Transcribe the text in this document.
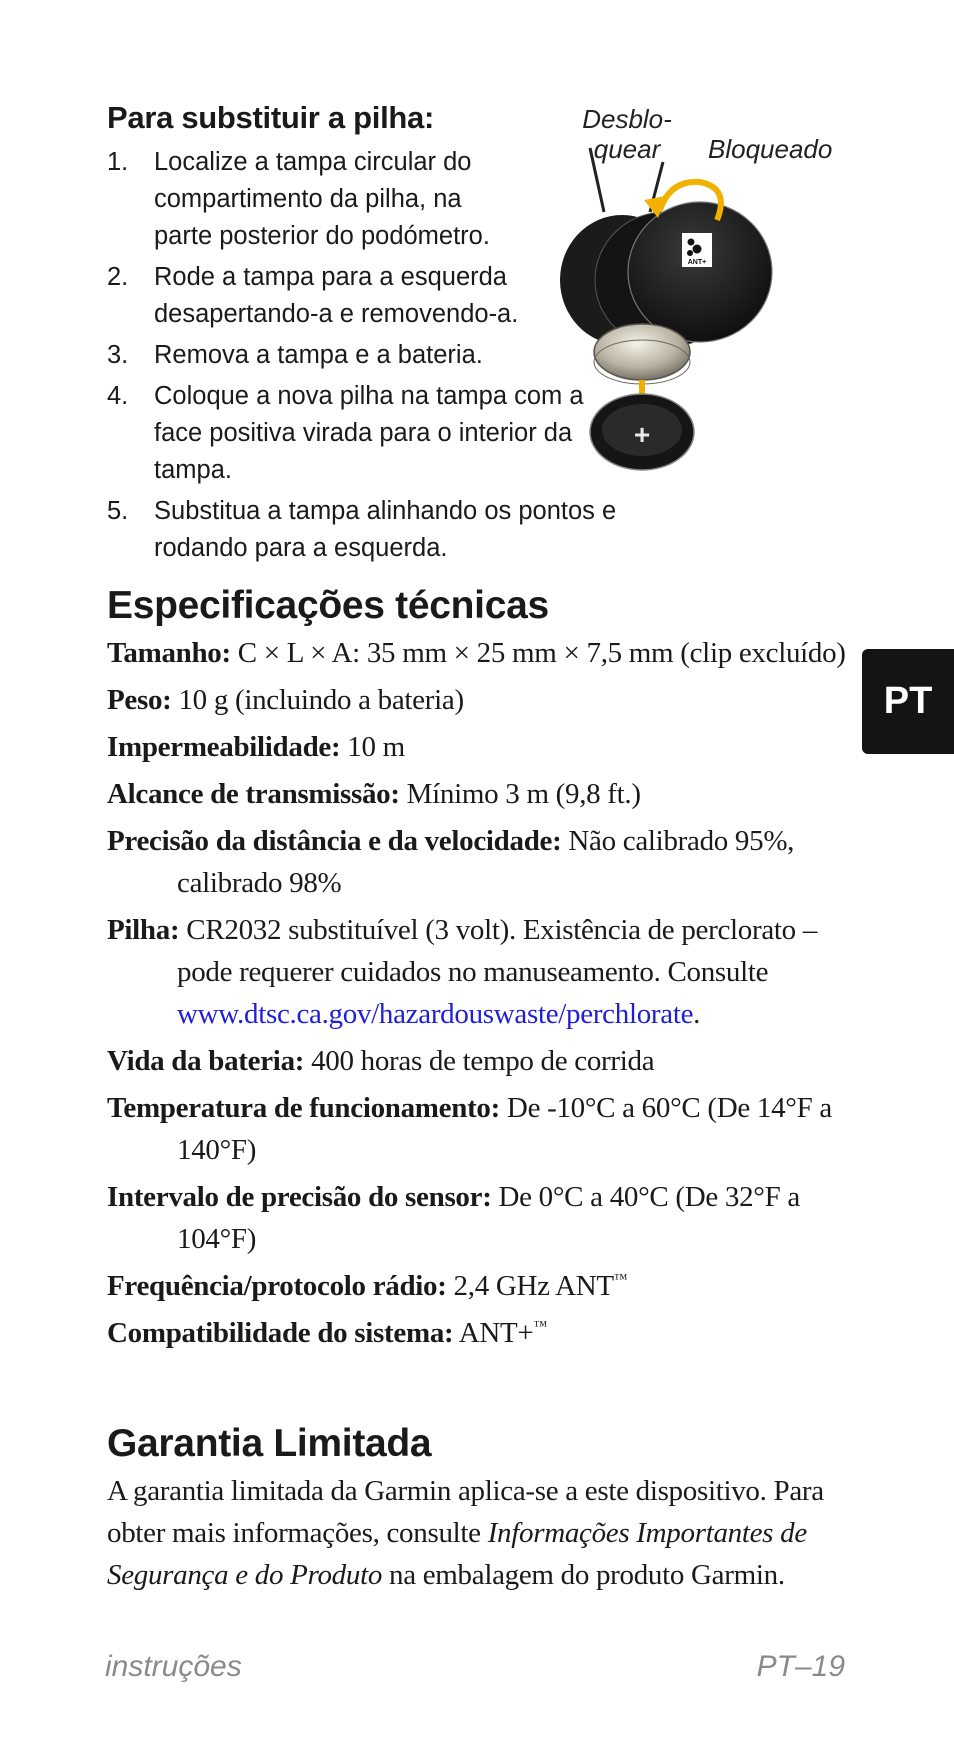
Para substituir a pilha:
1. Localize a tampa circular do compartimento da pilha, na parte posterior do podómetro.
2. Rode a tampa para a esquerda desapertando-a e removendo-a.
3. Remova a tampa e a bateria.
4. Coloque a nova pilha na tampa com a face positiva virada para o interior da tampa.
5. Substitua a tampa alinhando os pontos e rodando para a esquerda.
Desblo-
quear	Bloqueado
ANT+
+
Especificações técnicas
Tamanho: C × L × A: 35 mm × 25 mm × 7,5 mm (clip excluído)
Peso: 10 g (incluindo a bateria)
Impermeabilidade: 10 m
Alcance de transmissão: Mínimo 3 m (9,8 ft.)
Precisão da distância e da velocidade: Não calibrado 95%, calibrado 98%
Pilha: CR2032 substituível (3 volt). Existência de perclorato – pode requerer cuidados no manuseamento. Consulte www.dtsc.ca.gov/hazardouswaste/perchlorate.
Vida da bateria: 400 horas de tempo de corrida
Temperatura de funcionamento: De -10°C a 60°C (De 14°F a 140°F)
Intervalo de precisão do sensor: De 0°C a 40°C (De 32°F a 104°F)
Frequência/protocolo rádio: 2,4 GHz ANT™
Compatibilidade do sistema: ANT+™
PT
Garantia Limitada

A garantia limitada da Garmin aplica-se a este dispositivo. Para obter mais informações, consulte Informações Importantes de Segurança e do Produto na embalagem do produto Garmin.

instruções	PT–19
